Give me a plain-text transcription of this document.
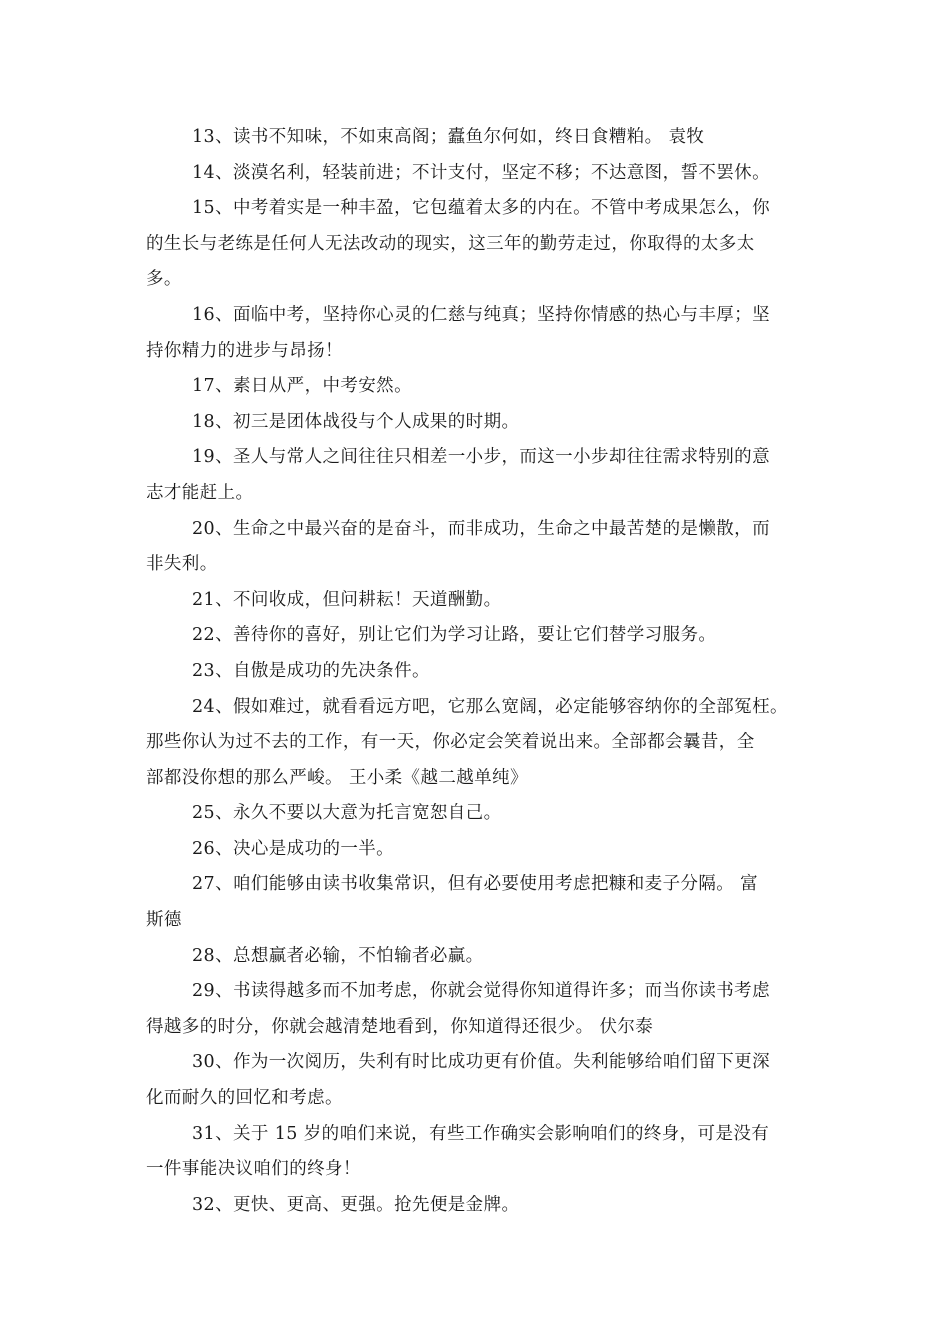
13、读书不知味，不如束高阁；蠹鱼尔何如，终日食糟粕。 袁牧

14、淡漠名利，轻装前进；不计支付，坚定不移；不达意图，誓不罢休。

15、中考着实是一种丰盈，它包蕴着太多的内在。不管中考成果怎么，你
的生长与老练是任何人无法改动的现实，这三年的勤劳走过，你取得的太多太
多。

16、面临中考，坚持你心灵的仁慈与纯真；坚持你情感的热心与丰厚；坚
持你精力的进步与昂扬！

17、素日从严，中考安然。

18、初三是团体战役与个人成果的时期。

19、圣人与常人之间往往只相差一小步，而这一小步却往往需求特别的意
志才能赶上。

20、生命之中最兴奋的是奋斗，而非成功，生命之中最苦楚的是懒散，而
非失利。

21、不问收成，但问耕耘！天道酬勤。

22、善待你的喜好，别让它们为学习让路，要让它们替学习服务。

23、自傲是成功的先决条件。

24、假如难过，就看看远方吧，它那么宽阔，必定能够容纳你的全部冤枉。
那些你认为过不去的工作，有一天，你必定会笑着说出来。全部都会曩昔，全
部都没你想的那么严峻。 王小柔《越二越单纯》

25、永久不要以大意为托言宽恕自己。

26、决心是成功的一半。

27、咱们能够由读书收集常识，但有必要使用考虑把糠和麦子分隔。 富
斯德

28、总想赢者必输，不怕输者必赢。

29、书读得越多而不加考虑，你就会觉得你知道得许多；而当你读书考虑
得越多的时分，你就会越清楚地看到，你知道得还很少。 伏尔泰

30、作为一次阅历，失利有时比成功更有价值。失利能够给咱们留下更深
化而耐久的回忆和考虑。

31、关于 15 岁的咱们来说，有些工作确实会影响咱们的终身，可是没有
一件事能决议咱们的终身！

32、更快、更高、更强。抢先便是金牌。
